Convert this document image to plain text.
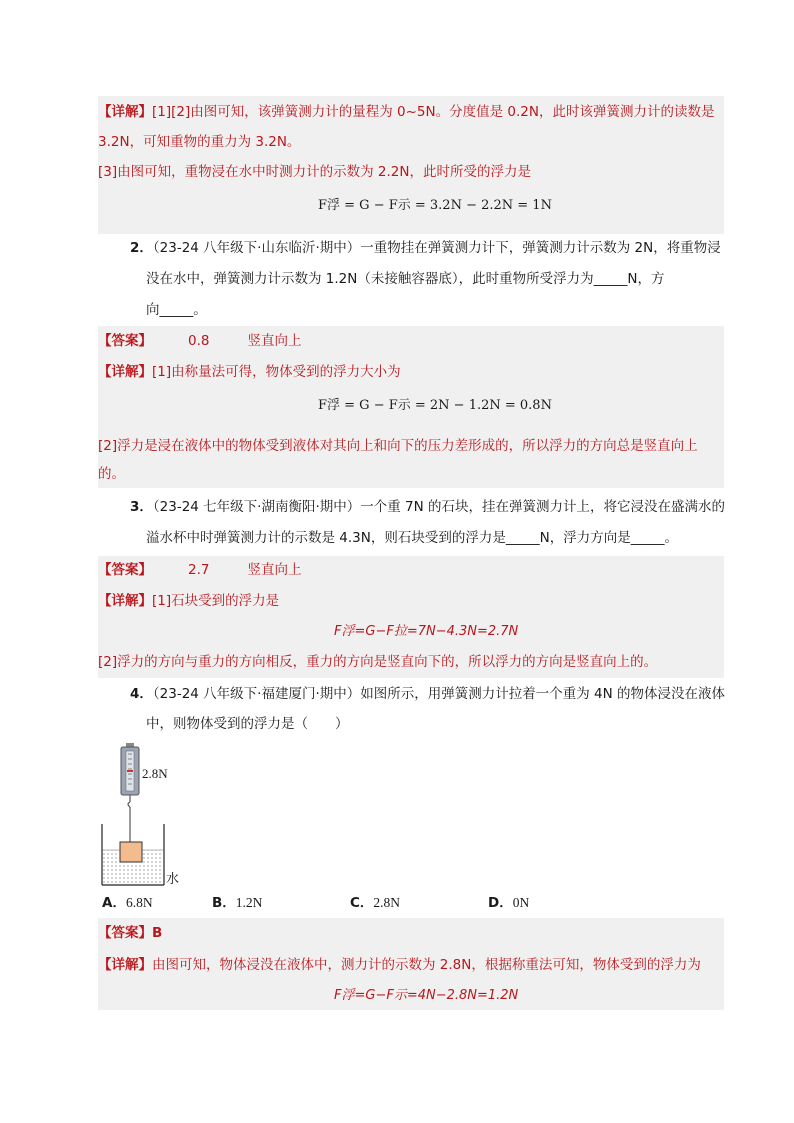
【详解】[1][2]由图可知，该弹簧测力计的量程为 0~5N。分度值是 0.2N，此时该弹簧测力计的读数是
3.2N，可知重物的重力为 3.2N。
[3]由图可知，重物浸在水中时测力计的示数为 2.2N，此时所受的浮力是
F浮 = G − F示 = 3.2N − 2.2N = 1N
2．（23-24 八年级下·山东临沂·期中）一重物挂在弹簧测力计下，弹簧测力计示数为 2N，将重物浸
没在水中，弹簧测力计示数为 1.2N（未接触容器底），此时重物所受浮力为_____N，方
向_____。
【答案】	0.8	竖直向上
【详解】[1]由称量法可得，物体受到的浮力大小为
F浮 = G − F示 = 2N − 1.2N = 0.8N
[2]浮力是浸在液体中的物体受到液体对其向上和向下的压力差形成的，所以浮力的方向总是竖直向上
的。
3．（23-24 七年级下·湖南衡阳·期中）一个重 7N 的石块，挂在弹簧测力计上，将它浸没在盛满水的
溢水杯中时弹簧测力计的示数是 4.3N，则石块受到的浮力是_____N，浮力方向是_____。
【答案】	2.7	竖直向上
【详解】[1]石块受到的浮力是
F浮=G−F拉=7N−4.3N=2.7N
[2]浮力的方向与重力的方向相反，重力的方向是竖直向下的，所以浮力的方向是竖直向上的。
4．（23-24 八年级下·福建厦门·期中）如图所示，用弹簧测力计拉着一个重为 4N 的物体浸没在液体
中，则物体受到的浮力是（　　）
2.8N
水
A．6.8N	B．1.2N	C．2.8N	D．0N
【答案】B
【详解】由图可知，物体浸没在液体中，测力计的示数为 2.8N，根据称重法可知，物体受到的浮力为
F浮=G−F示=4N−2.8N=1.2N
